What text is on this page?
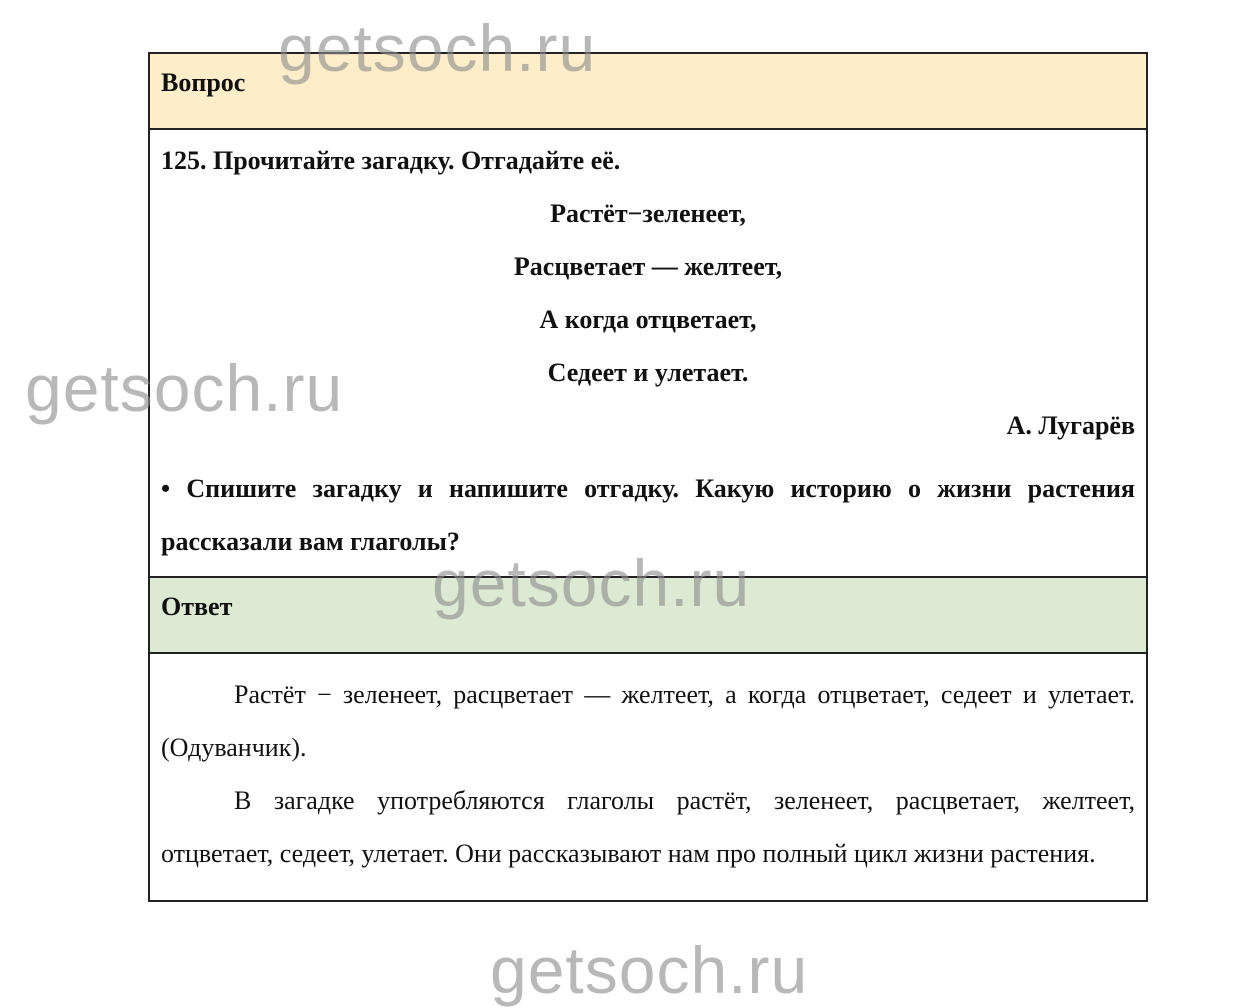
Вопрос
125. Прочитайте загадку. Отгадайте её.
Растёт−зеленеет,
Расцветает — желтеет,
А когда отцветает,
Седеет и улетает.
А. Лугарёв
• Спишите загадку и напишите отгадку. Какую историю о жизни растения рассказали вам глаголы?
Ответ

Растёт − зеленеет, расцветает — желтеет, а когда отцветает, седеет и улетает. (Одуванчик).

В загадке употребляются глаголы растёт, зеленеет, расцветает, желтеет, отцветает, седеет, улетает. Они рассказывают нам про полный цикл жизни растения.

getsoch.ru
getsoch.ru
getsoch.ru
getsoch.ru
